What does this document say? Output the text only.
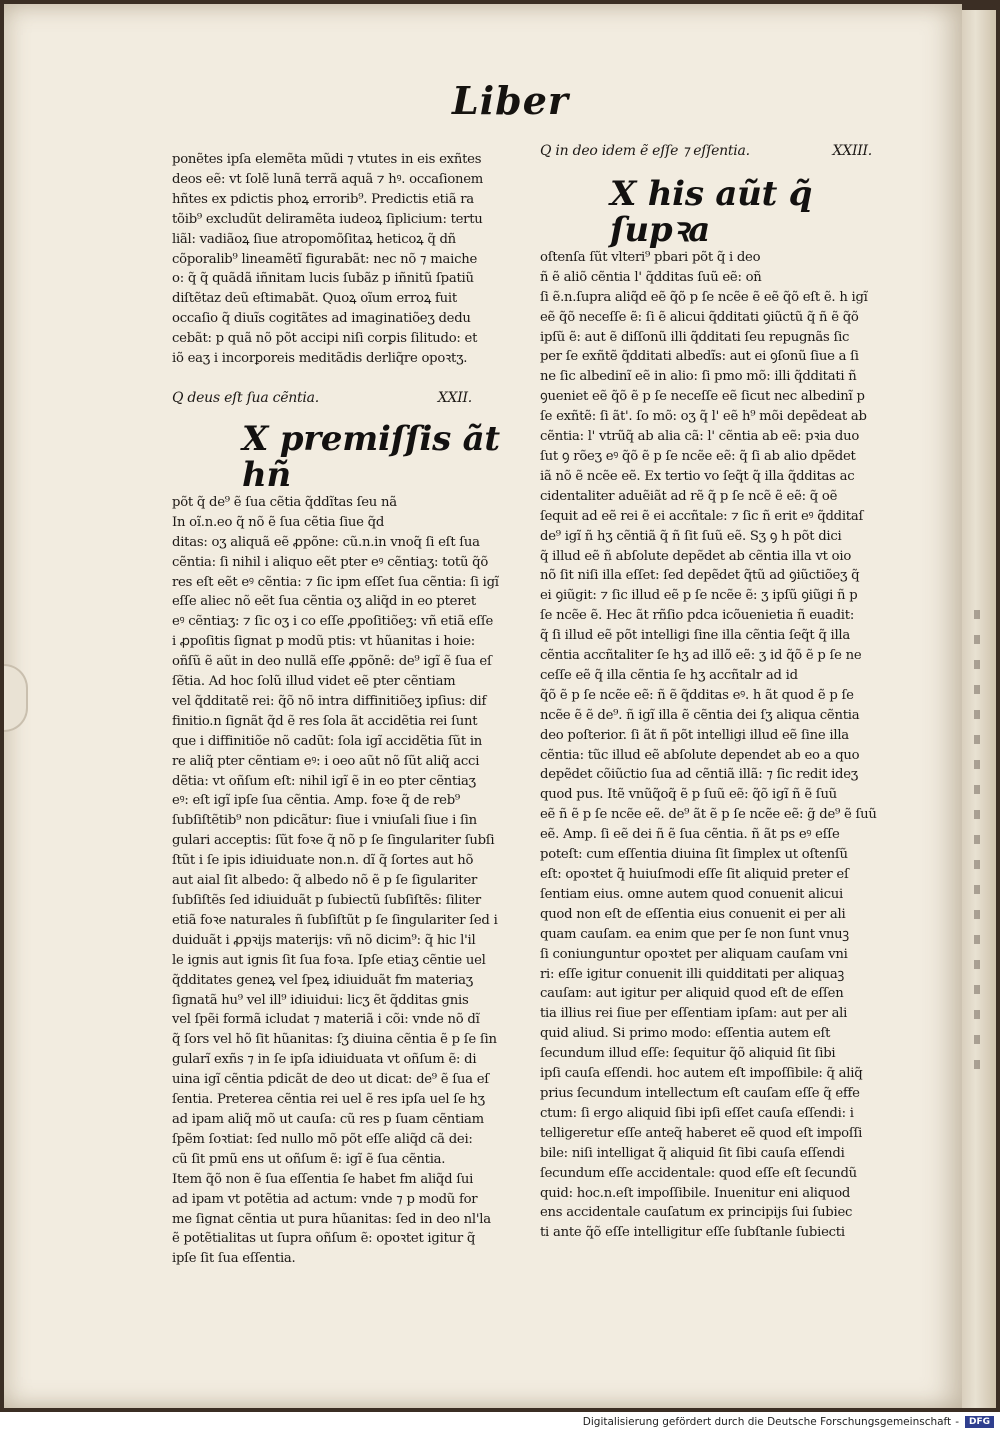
Liber
ponẽtes ipſa elemẽta mũdi ⁊ vtutes in eis exñtes
deos eẽ: vt ſolẽ lunã terrã aquã ⁊ hꝰ. occaſionem
hñtes ex pdictis phoꝝ errorib⁹. Predictis etiã ra
tõib⁹ excludũt deliramẽta iudeoꝝ ſiplicium: tertu
liãl: vadiãoꝝ ſiue atropomõſitaꝝ heticoꝝ q̃ dñ
cõporalib⁹ lineamẽtĩ figurabãt: nec nõ ⁊ maiche
o: q̃ q̃ quãdã iñnitam lucis ſubãz p iñnitũ ſpatiũ
diſtẽtaz deũ eſtimabãt. Quoꝝ oĩum erroꝝ fuit
occaſio q̃ diuĩs cogitãtes ad imaginatiõeʒ dedu
cebãt: p quã nõ põt accipi niſi corꝑis ſilitudo: et
iõ eaʒ i incorꝑoreis meditãdis derliq̃re opoꝛtʒ.
Q deus eſt ſua cẽntia.	XXII.
X premiſſis ãt hñ
põt q̃ de⁹ ẽ ſua cẽtia q̃ddĩtas ſeu nã
In oĩ.n.eo q̃ nõ ẽ ſua cẽtia ſiue q̃d
ditas: oʒ aliquã eẽ ꝓpõne: cũ.n.in vnoq̃ ſi eſt ſua
cẽntia: ſi nihil i aliquo eẽt pter eꝰ cẽntiaʒ: totũ q̃õ
res eſt eẽt eꝰ cẽntia: ⁊ ſic ipm eſſet ſua cẽntia: ſi igĩ
eſſe aliec nõ eẽt ſua cẽntia oʒ aliq̃d in eo pteret
eꝰ cẽntiaʒ: ⁊ ſic oʒ i co eſſe ꝓpoſitiõeʒ: vñ etiã eſſe
i ꝓpoſitis ſignat p modũ ptis: vt hũanitas i hoie:
oñſũ ẽ aũt in deo nullã eſſe ꝓpõnẽ: de⁹ igĩ ẽ ſua eſ
ſẽtia. Ad hoc ſolũ illud videt eẽ pter cẽntiam
vel q̃dditatẽ rei: q̃õ nõ intra diffinitiõeʒ ipſius: dif
finitio.n ſignãt q̃d ẽ res ſola ãt accidẽtia rei ſunt
que i diffinitiõe nõ cadũt: ſola igĩ accidẽtia ſũt in
re aliq̃ pter cẽntiam eꝰ: i oeo aũt nõ ſũt aliq̃ acci
dẽtia: vt oñſum eſt: nihil igĩ ẽ in eo pter cẽntiaʒ
eꝰ: eſt igĩ ipſe ſua cẽntia. Amp. foꝛe q̃ de reb⁹
ſubſiſtẽtib⁹ non pdicãtur: ſiue i vniuſali ſiue i ſin
gulari acceptis: ſũt foꝛe q̃ nõ p ſe ſingulariter ſubſi
ſtũt i ſe ipis idiuiduate non.n. dĩ q̃ ſortes aut hõ
aut aial ſit albedo: q̃ albedo nõ ẽ p ſe ſigulariter
ſubſiſtẽs ſed idiuiduãt p ſubiectũ ſubſiſtẽs: ſiliter
etiã foꝛe naturales ñ ſubſiſtũt p ſe ſingulariter ſed i
duiduãt i ꝓpꝛijs materijs: vñ nõ dicim⁹: q̃ hic l'il
le ignis aut ignis ſit ſua foꝛa. Ipſe etiaʒ cẽntie uel
q̃dditates geneꝝ vel ſpeꝝ idiuiduãt fm materiaʒ
ſignatã hu⁹ vel ill⁹ idiuidui: licʒ ẽt q̃dditas gnis
vel ſpẽi formã icludat ⁊ materiã i cõi: vnde nõ dĩ
q̃ ſors vel hõ ſit hũanitas: ſʒ diuina cẽntia ẽ p ſe ſin
gularĩ exñs ⁊ in ſe ipſa idiuiduata vt oñſum ẽ: di
uina igĩ cẽntia pdicãt de deo ut dicat: de⁹ ẽ ſua eſ
ſentia. Preterea cẽntia rei uel ẽ res ipſa uel ſe hʒ
ad ipam aliq̃ mõ ut cauſa: cũ res p ſuam cẽntiam
ſpẽm ſoꝛtiat: ſed nullo mõ põt eſſe aliq̃d cã dei:
cũ ſit pmũ ens ut oñſum ẽ: igĩ ẽ ſua cẽntia.
Item q̃õ non ẽ ſua eſſentia ſe habet fm aliq̃d ſui
ad ipam vt potẽtia ad actum: vnde ⁊ p modũ for
me ſignat cẽntia ut pura hũanitas: ſed in deo nl'la
ẽ potẽtialitas ut ſupra oñſum ẽ: opoꝛtet igitur q̃
ipſe ſit ſua eſſentia.
Q in deo idem ẽ eſſe ⁊ eſſentia.	XXIII.
X his aũt q̃ ſupꝛa
oſtenſa ſũt vlteri⁹ pbari põt q̃ i deo
ñ ẽ aliõ cẽntia l' q̃dditas ſuũ eẽ: oñ
ſi ẽ.n.ſupra aliq̃d eẽ q̃õ p ſe ncẽe ẽ eẽ q̃õ eſt ẽ. h igĩ
eẽ q̃õ neceſſe ẽ: ſi ẽ alicui q̃dditati ꝯiũctũ q̃ ñ ẽ q̃õ
ipſũ ẽ: aut ẽ diſſonũ illi q̃dditati ſeu repugnãs ſic
per ſe exñtẽ q̃dditati albedĩs: aut ei ꝯſonũ ſiue a ſi
ne ſic albedinĩ eẽ in alio: ſi pmo mõ: illi q̃dditati ñ
ꝯueniet eẽ q̃õ ẽ p ſe neceſſe eẽ ſicut nec albedinĩ p
ſe exñtẽ: ſi ãt'. ſo mõ: oʒ q̃ l' eẽ h⁹ mõi depẽdeat ab
cẽntia: l' vtrũq̃ ab alia cã: l' cẽntia ab eẽ: pꝛia duo
ſut ꝯ rõeʒ eꝰ q̃õ ẽ p ſe ncẽe eẽ: q̃ ſi ab alio dpẽdet
iã nõ ẽ ncẽe eẽ. Ex tertio vo ſeq̃t q̃ illa q̃dditas ac
cidentaliter aduẽiãt ad rẽ q̃ p ſe ncẽ ẽ eẽ: q̃ oẽ
ſequit ad eẽ rei ẽ ei accñtale: ⁊ ſic ñ erit eꝰ q̃dditaſ
de⁹ igĩ ñ hʒ cẽntiã q̃ ñ ſit ſuũ eẽ. Sʒ ꝯ h põt dici
q̃ illud eẽ ñ abſolute depẽdet ab cẽntia illa vt oio
nõ ſit niſi illa eſſet: ſed depẽdet q̃tũ ad ꝯiũctiõeʒ q̃
ei ꝯiũgit: ⁊ ſic illud eẽ p ſe ncẽe ẽ: ʒ ipſũ ꝯiũgi ñ p
ſe ncẽe ẽ. Hec ãt rñſio pdca icõuenietia ñ euadit:
q̃ ſi illud eẽ põt intelligi ſine illa cẽntia ſeq̃t q̃ illa
cẽntia accñtaliter ſe hʒ ad illõ eẽ: ʒ id q̃õ ẽ p ſe ne
ceſſe eẽ q̃ illa cẽntia ſe hʒ accñtalr ad id
q̃õ ẽ p ſe ncẽe eẽ: ñ ẽ q̃dditas eꝰ. h ãt quod ẽ p ſe
ncẽe ẽ ẽ de⁹. ñ igĩ illa ẽ cẽntia dei ſʒ aliqua cẽntia
deo poſterior. ſi ãt ñ põt intelligi illud eẽ ſine illa
cẽntia: tũc illud eẽ abſolute dependet ab eo a quo
depẽdet cõiũctio ſua ad cẽntiã illã: ⁊ ſic redit ideʒ
quod pus. Itẽ vnũq̃oq̃ ẽ p ſuũ eẽ: q̃õ igĩ ñ ẽ ſuũ
eẽ ñ ẽ p ſe ncẽe eẽ. de⁹ ãt ẽ p ſe ncẽe eẽ: g̃ de⁹ ẽ ſuũ
eẽ. Amp. ſi eẽ dei ñ ẽ ſua cẽntia. ñ ãt ps eꝰ eſſe
poteſt: cum eſſentia diuina ſit ſimplex ut oſtenſũ
eſt: opoꝛtet q̃ huiuſmodi eſſe ſit aliquid preter eſ
ſentiam eius. omne autem quod conuenit alicui
quod non eſt de eſſentia eius conuenit ei per ali
quam cauſam. ea enim que per ſe non ſunt vnuꝫ
ſi coniunguntur opoꝛtet per aliquam cauſam vni
ri: eſſe igitur conuenit illi quidditati per aliquaꝫ
cauſam: aut igitur per aliquid quod eſt de eſſen
tia illius rei ſiue per eſſentiam ipſam: aut per ali
quid aliud. Si primo modo: eſſentia autem eſt
ſecundum illud eſſe: ſequitur q̃õ aliquid ſit ſibi
ipſi cauſa eſſendi. hoc autem eſt impoſſibile: q̃ aliq̃
prius ſecundum intellectum eſt cauſam eſſe q̃ effe
ctum: ſi ergo aliquid ſibi ipſi eſſet cauſa eſſendi: i
telligeretur eſſe anteq̃ haberet eẽ quod eſt impoſſi
bile: niſi intelligat q̃ aliquid ſit ſibi cauſa eſſendi
ſecundum eſſe accidentale: quod eſſe eſt ſecundũ
quid: hoc.n.eſt impoſſibile. Inuenitur eni aliquod
ens accidentale cauſatum ex principijs ſui ſubiec
ti ante q̃õ eſſe intelligitur eſſe ſubſtanle ſubiecti
Digitalisierung gefördert durch die Deutsche Forschungsgemeinschaft -	DFG
